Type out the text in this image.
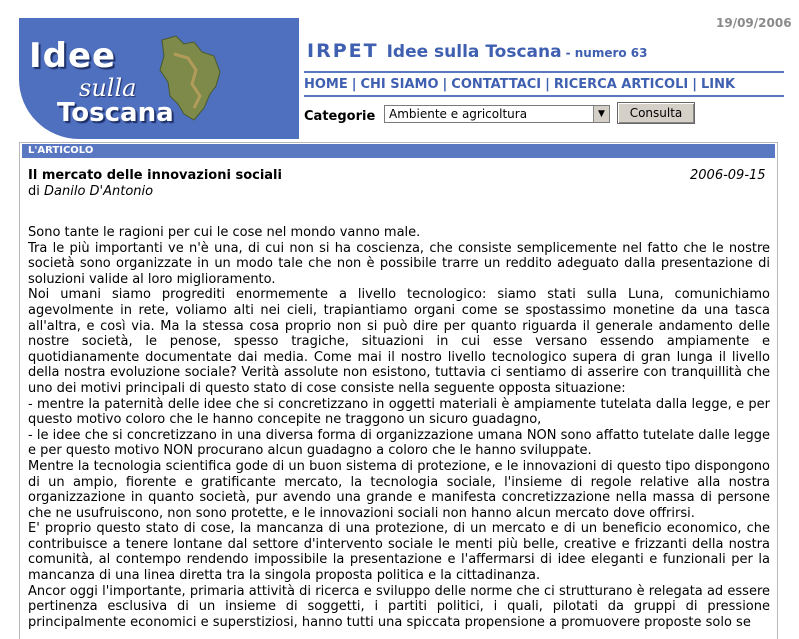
19/09/2006
Idee
sulla
Toscana
IRPET Idee sulla Toscana - numero 63
HOME | CHI SIAMO | CONTATTACI | RICERCA ARTICOLI | LINK
Categorie Ambiente e agricoltura	▼	Consulta
L'ARTICOLO
Il mercato delle innovazioni sociali	2006-09-15
di Danilo D'Antonio

Sono tante le ragioni per cui le cose nel mondo vanno male.

Tra le più importanti ve n'è una, di cui non si ha coscienza, che consiste semplicemente nel fatto che le nostre società sono organizzate in un modo tale che non è possibile trarre un reddito adeguato dalla presentazione di soluzioni valide al loro miglioramento.

Noi umani siamo progrediti enormemente a livello tecnologico: siamo stati sulla Luna, comunichiamo agevolmente in rete, voliamo alti nei cieli, trapiantiamo organi come se spostassimo monetine da una tasca all'altra, e così via. Ma la stessa cosa proprio non si può dire per quanto riguarda il generale andamento delle nostre società, le penose, spesso tragiche, situazioni in cui esse versano essendo ampiamente e quotidianamente documentate dai media. Come mai il nostro livello tecnologico supera di gran lunga il livello della nostra evoluzione sociale? Verità assolute non esistono, tuttavia ci sentiamo di asserire con tranquillità che uno dei motivi principali di questo stato di cose consiste nella seguente opposta situazione:

- mentre la paternità delle idee che si concretizzano in oggetti materiali è ampiamente tutelata dalla legge, e per questo motivo coloro che le hanno concepite ne traggono un sicuro guadagno,

- le idee che si concretizzano in una diversa forma di organizzazione umana NON sono affatto tutelate dalle legge e per questo motivo NON procurano alcun guadagno a coloro che le hanno sviluppate.

Mentre la tecnologia scientifica gode di un buon sistema di protezione, e le innovazioni di questo tipo dispongono di un ampio, fiorente e gratificante mercato, la tecnologia sociale, l'insieme di regole relative alla nostra organizzazione in quanto società, pur avendo una grande e manifesta concretizzazione nella massa di persone che ne usufruiscono, non sono protette, e le innovazioni sociali non hanno alcun mercato dove offrirsi.

E' proprio questo stato di cose, la mancanza di una protezione, di un mercato e di un beneficio economico, che contribuisce a tenere lontane dal settore d'intervento sociale le menti più belle, creative e frizzanti della nostra comunità, al contempo rendendo impossibile la presentazione e l'affermarsi di idee eleganti e funzionali per la mancanza di una linea diretta tra la singola proposta politica e la cittadinanza.

Ancor oggi l'importante, primaria attività di ricerca e sviluppo delle norme che ci strutturano è relegata ad essere pertinenza esclusiva di un insieme di soggetti, i partiti politici, i quali, pilotati da gruppi di pressione principalmente economici e superstiziosi, hanno tutti una spiccata propensione a promuovere proposte solo se
